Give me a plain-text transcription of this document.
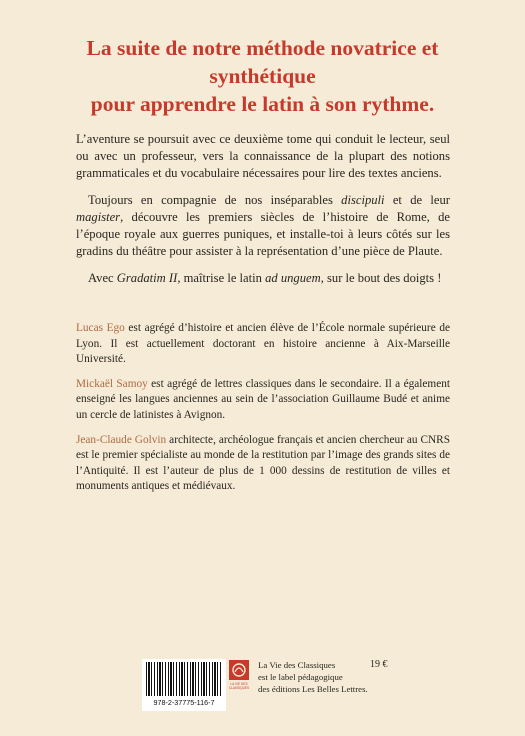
La suite de notre méthode novatrice et synthétique
pour apprendre le latin à son rythme.

L’aventure se poursuit avec ce deuxième tome qui conduit le lecteur, seul ou avec un professeur, vers la connaissance de la plupart des notions grammaticales et du vocabulaire nécessaires pour lire des textes anciens.

Toujours en compagnie de nos inséparables discipuli et de leur magister, découvre les premiers siècles de l’histoire de Rome, de l’époque royale aux guerres puniques, et installe-toi à leurs côtés sur les gradins du théâtre pour assister à la représentation d’une pièce de Plaute.

Avec Gradatim II, maîtrise le latin ad unguem, sur le bout des doigts !

Lucas Ego est agrégé d’histoire et ancien élève de l’École normale supérieure de Lyon. Il est actuellement doctorant en histoire ancienne à Aix-Marseille Université.

Mickaël Samoy est agrégé de lettres classiques dans le secondaire. Il a également enseigné les langues anciennes au sein de l’association Guillaume Budé et anime un cercle de latinistes à Avignon.

Jean-Claude Golvin architecte, archéologue français et ancien chercheur au CNRS est le premier spécialiste au monde de la restitution par l’image des grands sites de l’Antiquité. Il est l’auteur de plus de 1 000 dessins de restitution de villes et monuments antiques et médiévaux.

978-2-37775-116-7
LA VIE DES CLASSIQUES
La Vie des Classiques
est le label pédagogique
des éditions Les Belles Lettres.
19 €
